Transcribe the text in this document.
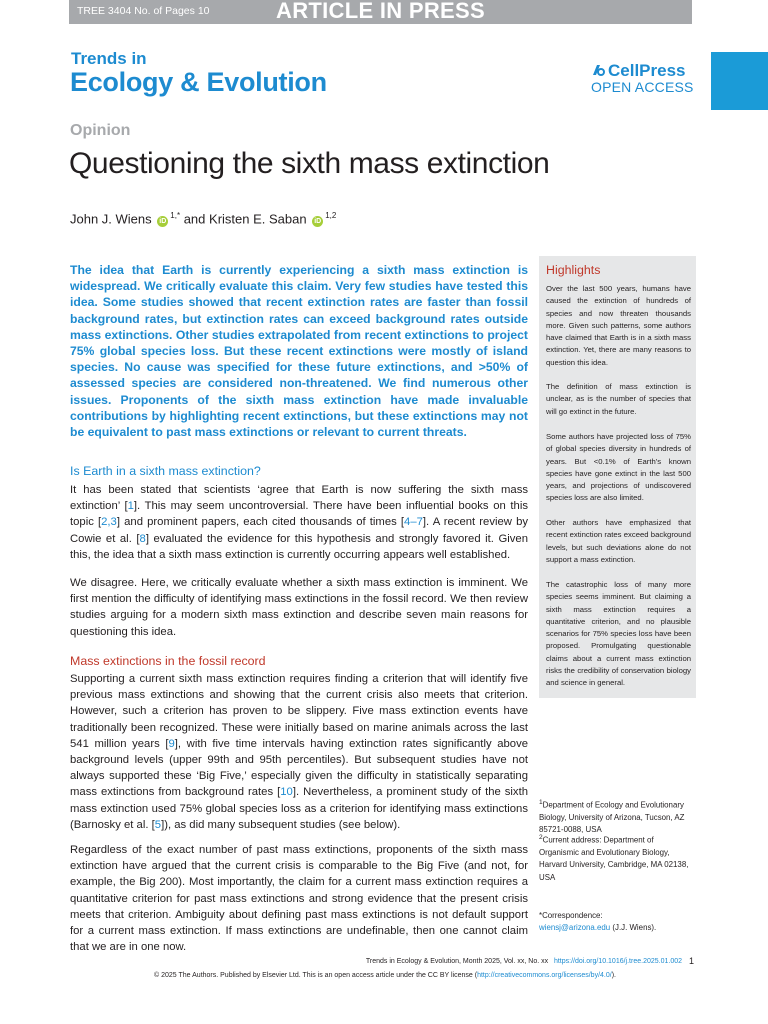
TREE 3404 No. of Pages 10	ARTICLE IN PRESS
Trends in
Ecology & Evolution	CellPress
OPEN ACCESS
Opinion
Questioning the sixth mass extinction
John J. Wiens $iD^{1,*}$ and Kristen E. Saban iD$^{1,2}$
The idea that Earth is currently experiencing a sixth mass extinction is widespread. We critically evaluate this claim. Very few studies have tested this idea. Some studies showed that recent extinction rates are faster than fossil background rates, but extinction rates can exceed background rates outside mass extinctions. Other studies extrapolated from recent extinctions to project 75% global species loss. But these recent extinctions were mostly of island species. No cause was specified for these future extinctions, and >50% of assessed species are considered non-threatened. We find numerous other issues. Proponents of the sixth mass extinction have made invaluable contributions by highlighting recent extinctions, but these extinctions may not be equivalent to past mass extinctions or relevant to current threats.
Is Earth in a sixth mass extinction?
It has been stated that scientists ‘agree that Earth is now suffering the sixth mass extinction’ [1]. This may seem uncontroversial. There have been influential books on this topic [2,3] and prominent papers, each cited thousands of times [4–7]. A recent review by Cowie et al. [8] evaluated the evidence for this hypothesis and strongly favored it. Given this, the idea that a sixth mass extinction is currently occurring appears well established.
We disagree. Here, we critically evaluate whether a sixth mass extinction is imminent. We first mention the difficulty of identifying mass extinctions in the fossil record. We then review studies arguing for a modern sixth mass extinction and describe seven main reasons for questioning this idea.
Mass extinctions in the fossil record
Supporting a current sixth mass extinction requires finding a criterion that will identify five previous mass extinctions and showing that the current crisis also meets that criterion. However, such a criterion has proven to be slippery. Five mass extinction events have traditionally been recognized. These were initially based on marine animals across the last 541 million years [9], with five time intervals having extinction rates significantly above background levels (upper 99th and 95th percentiles). But subsequent studies have not always supported these ‘Big Five,’ especially given the difficulty in statistically separating mass extinctions from background rates [10]. Nevertheless, a prominent study of the sixth mass extinction used 75% global species loss as a criterion for identifying mass extinctions (Barnosky et al. [5]), as did many subsequent studies (see below).
Regardless of the exact number of past mass extinctions, proponents of the sixth mass extinction have argued that the current crisis is comparable to the Big Five (and not, for example, the Big 200). Most importantly, the claim for a current mass extinction requires a quantitative criterion for past mass extinctions and strong evidence that the present crisis meets that criterion. Ambiguity about defining past mass extinctions is not default support for a current mass extinction. If mass extinctions are undefinable, then one cannot claim that we are in one now.
Highlights
Over the last 500 years, humans have caused the extinction of hundreds of species and now threaten thousands more. Given such patterns, some authors have claimed that Earth is in a sixth mass extinction. Yet, there are many reasons to question this idea.
The definition of mass extinction is unclear, as is the number of species that will go extinct in the future.
Some authors have projected loss of 75% of global species diversity in hundreds of years. But <0.1% of Earth’s known species have gone extinct in the last 500 years, and projections of undiscovered species loss are also limited.
Other authors have emphasized that recent extinction rates exceed background levels, but such deviations alone do not support a mass extinction.
The catastrophic loss of many more species seems imminent. But claiming a sixth mass extinction requires a quantitative criterion, and no plausible scenarios for 75% species loss have been proposed. Promulgating questionable claims about a current mass extinction risks the credibility of conservation biology and science in general.
$^1$Department of Ecology and Evolutionary Biology, University of Arizona, Tucson, AZ 85721-0088, USA
$^2$Current address: Department of Organismic and Evolutionary Biology, Harvard University, Cambridge, MA 02138, USA
*Correspondence:
wiensj@arizona.edu (J.J. Wiens).
Trends in Ecology & Evolution, Month 2025, Vol. xx, No. xx https://doi.org/10.1016/j.tree.2025.01.002 1
© 2025 The Authors. Published by Elsevier Ltd. This is an open access article under the CC BY license (http://creativecommons.org/licenses/by/4.0/).
